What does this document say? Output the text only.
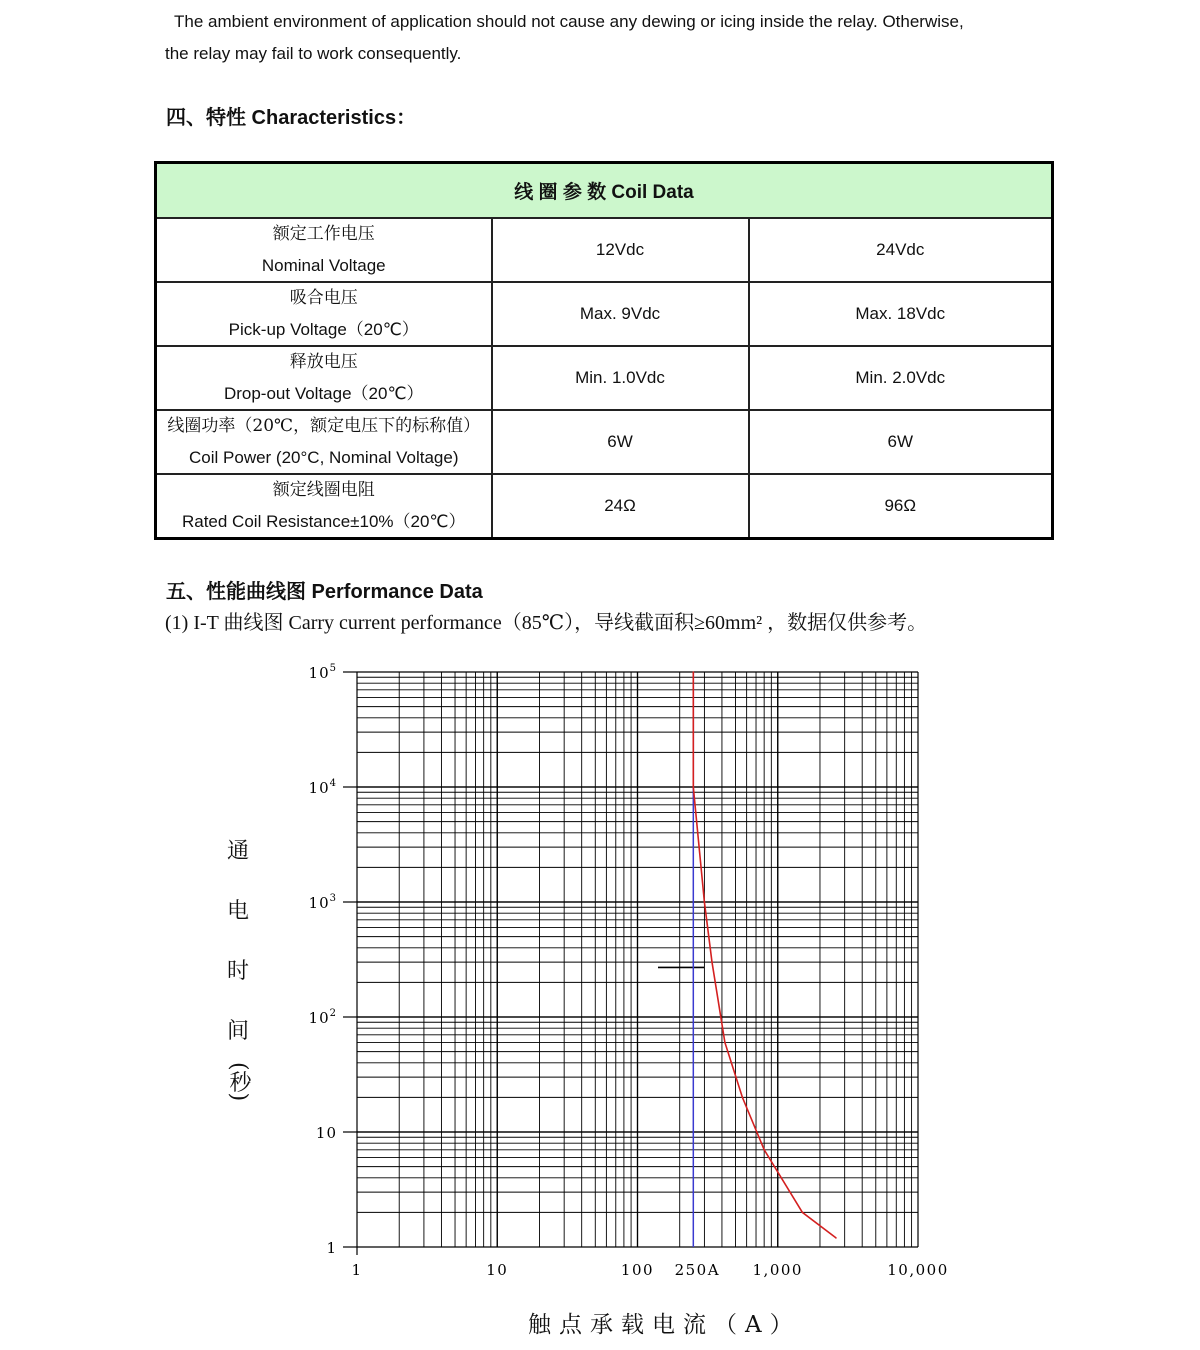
The ambient environment of application should not cause any dewing or icing inside the relay. Otherwise,
the relay may fail to work consequently.
四、特性 Characteristics：
线 圈 参 数 Coil Data		

额定工作电压
Nominal Voltage	12Vdc	24Vdc

吸合电压
Pick-up Voltage（20℃）	Max. 9Vdc	Max. 18Vdc

释放电压
Drop-out Voltage（20℃）	Min. 1.0Vdc	Min. 2.0Vdc

线圈功率（20℃，额定电压下的标称值）
Coil Power (20°C, Nominal Voltage)	6W	6W

额定线圈电阻
Rated Coil Resistance±10%（20℃）	24Ω	96Ω
五、性能曲线图 Performance Data
(1) I-T 曲线图 Carry current performance（85℃），导线截面积≥60mm² ，数据仅供参考。
1
10
$10^2$
$10^3$
$10^4$
$10^5$
1	10	100	1,000	10,000
250A
通
电
时
间
(秒)
触点承载电流（A）
